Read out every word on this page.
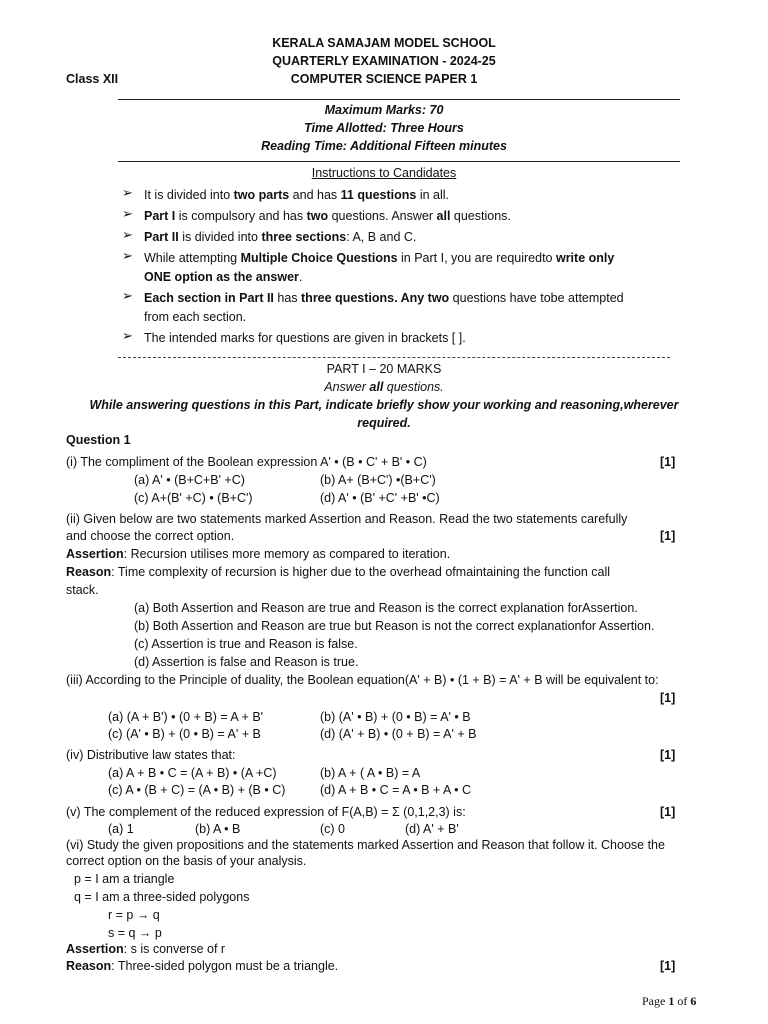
KERALA SAMAJAM MODEL SCHOOL
QUARTERLY EXAMINATION - 2024-25
COMPUTER SCIENCE PAPER 1
Class XII
Maximum Marks: 70
Time Allotted: Three Hours
Reading Time: Additional Fifteen minutes
Instructions to Candidates
➢ It is divided into two parts and has 11 questions in all.
➢ Part I is compulsory and has two questions. Answer all questions.
➢ Part II is divided into three sections: A, B and C.
➢ While attempting Multiple Choice Questions in Part I, you are requiredto write only
ONE option as the answer.
➢ Each section in Part II has three questions. Any two questions have tobe attempted
from each section.
➢ The intended marks for questions are given in brackets [ ].
PART I – 20 MARKS
Answer all questions.
While answering questions in this Part, indicate briefly show your working and reasoning,wherever
required.
Question 1
(i) The compliment of the Boolean expression A' • (B • C' + B' • C)	[1]
(a) A' • (B+C+B' +C)	(b) A+ (B+C') •(B+C')
(c) A+(B' +C) • (B+C')	(d) A' • (B' +C' +B' •C)
(ii) Given below are two statements marked Assertion and Reason. Read the two statements carefully
and choose the correct option.	[1]
Assertion: Recursion utilises more memory as compared to iteration.
Reason: Time complexity of recursion is higher due to the overhead ofmaintaining the function call
stack.
(a) Both Assertion and Reason are true and Reason is the correct explanation forAssertion.
(b) Both Assertion and Reason are true but Reason is not the correct explanationfor Assertion.
(c) Assertion is true and Reason is false.
(d) Assertion is false and Reason is true.
(iii) According to the Principle of duality, the Boolean equation(A' + B) • (1 + B) = A' + B will be equivalent to:
[1]
(a) (A + B') • (0 + B) = A + B'	(b) (A' • B) + (0 • B) = A' • B
(c) (A' • B) + (0 • B) = A' + B	(d) (A' + B) • (0 + B) = A' + B
(iv) Distributive law states that:	[1]
(a) A + B • C = (A + B) • (A +C)	(b) A + ( A • B) = A
(c) A • (B + C) = (A • B) + (B • C)	(d) A + B • C = A • B + A • C
(v) The complement of the reduced expression of F(A,B) = Σ (0,1,2,3) is:	[1]
(a) 1	(b) A • B	(c) 0	(d) A' + B'
(vi) Study the given propositions and the statements marked Assertion and Reason that follow it. Choose the
correct option on the basis of your analysis.
p = I am a triangle
q = I am a three-sided polygons
r = p → q
s = q → p
Assertion: s is converse of r
Reason: Three-sided polygon must be a triangle.	[1]
Page 1 of 6
